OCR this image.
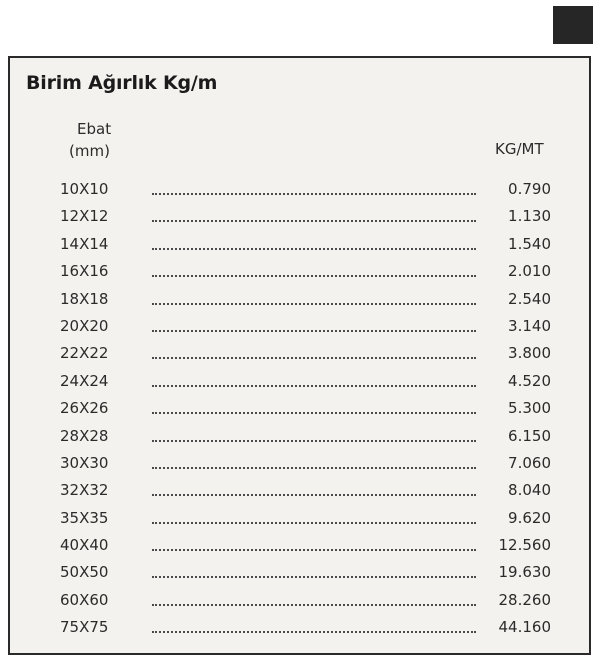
Birim Ağırlık Kg/m
Ebat
(mm)	KG/MT
10X10	0.790
12X12	1.130
14X14	1.540
16X16	2.010
18X18	2.540
20X20	3.140
22X22	3.800
24X24	4.520
26X26	5.300
28X28	6.150
30X30	7.060
32X32	8.040
35X35	9.620
40X40	12.560
50X50	19.630
60X60	28.260
75X75	44.160
